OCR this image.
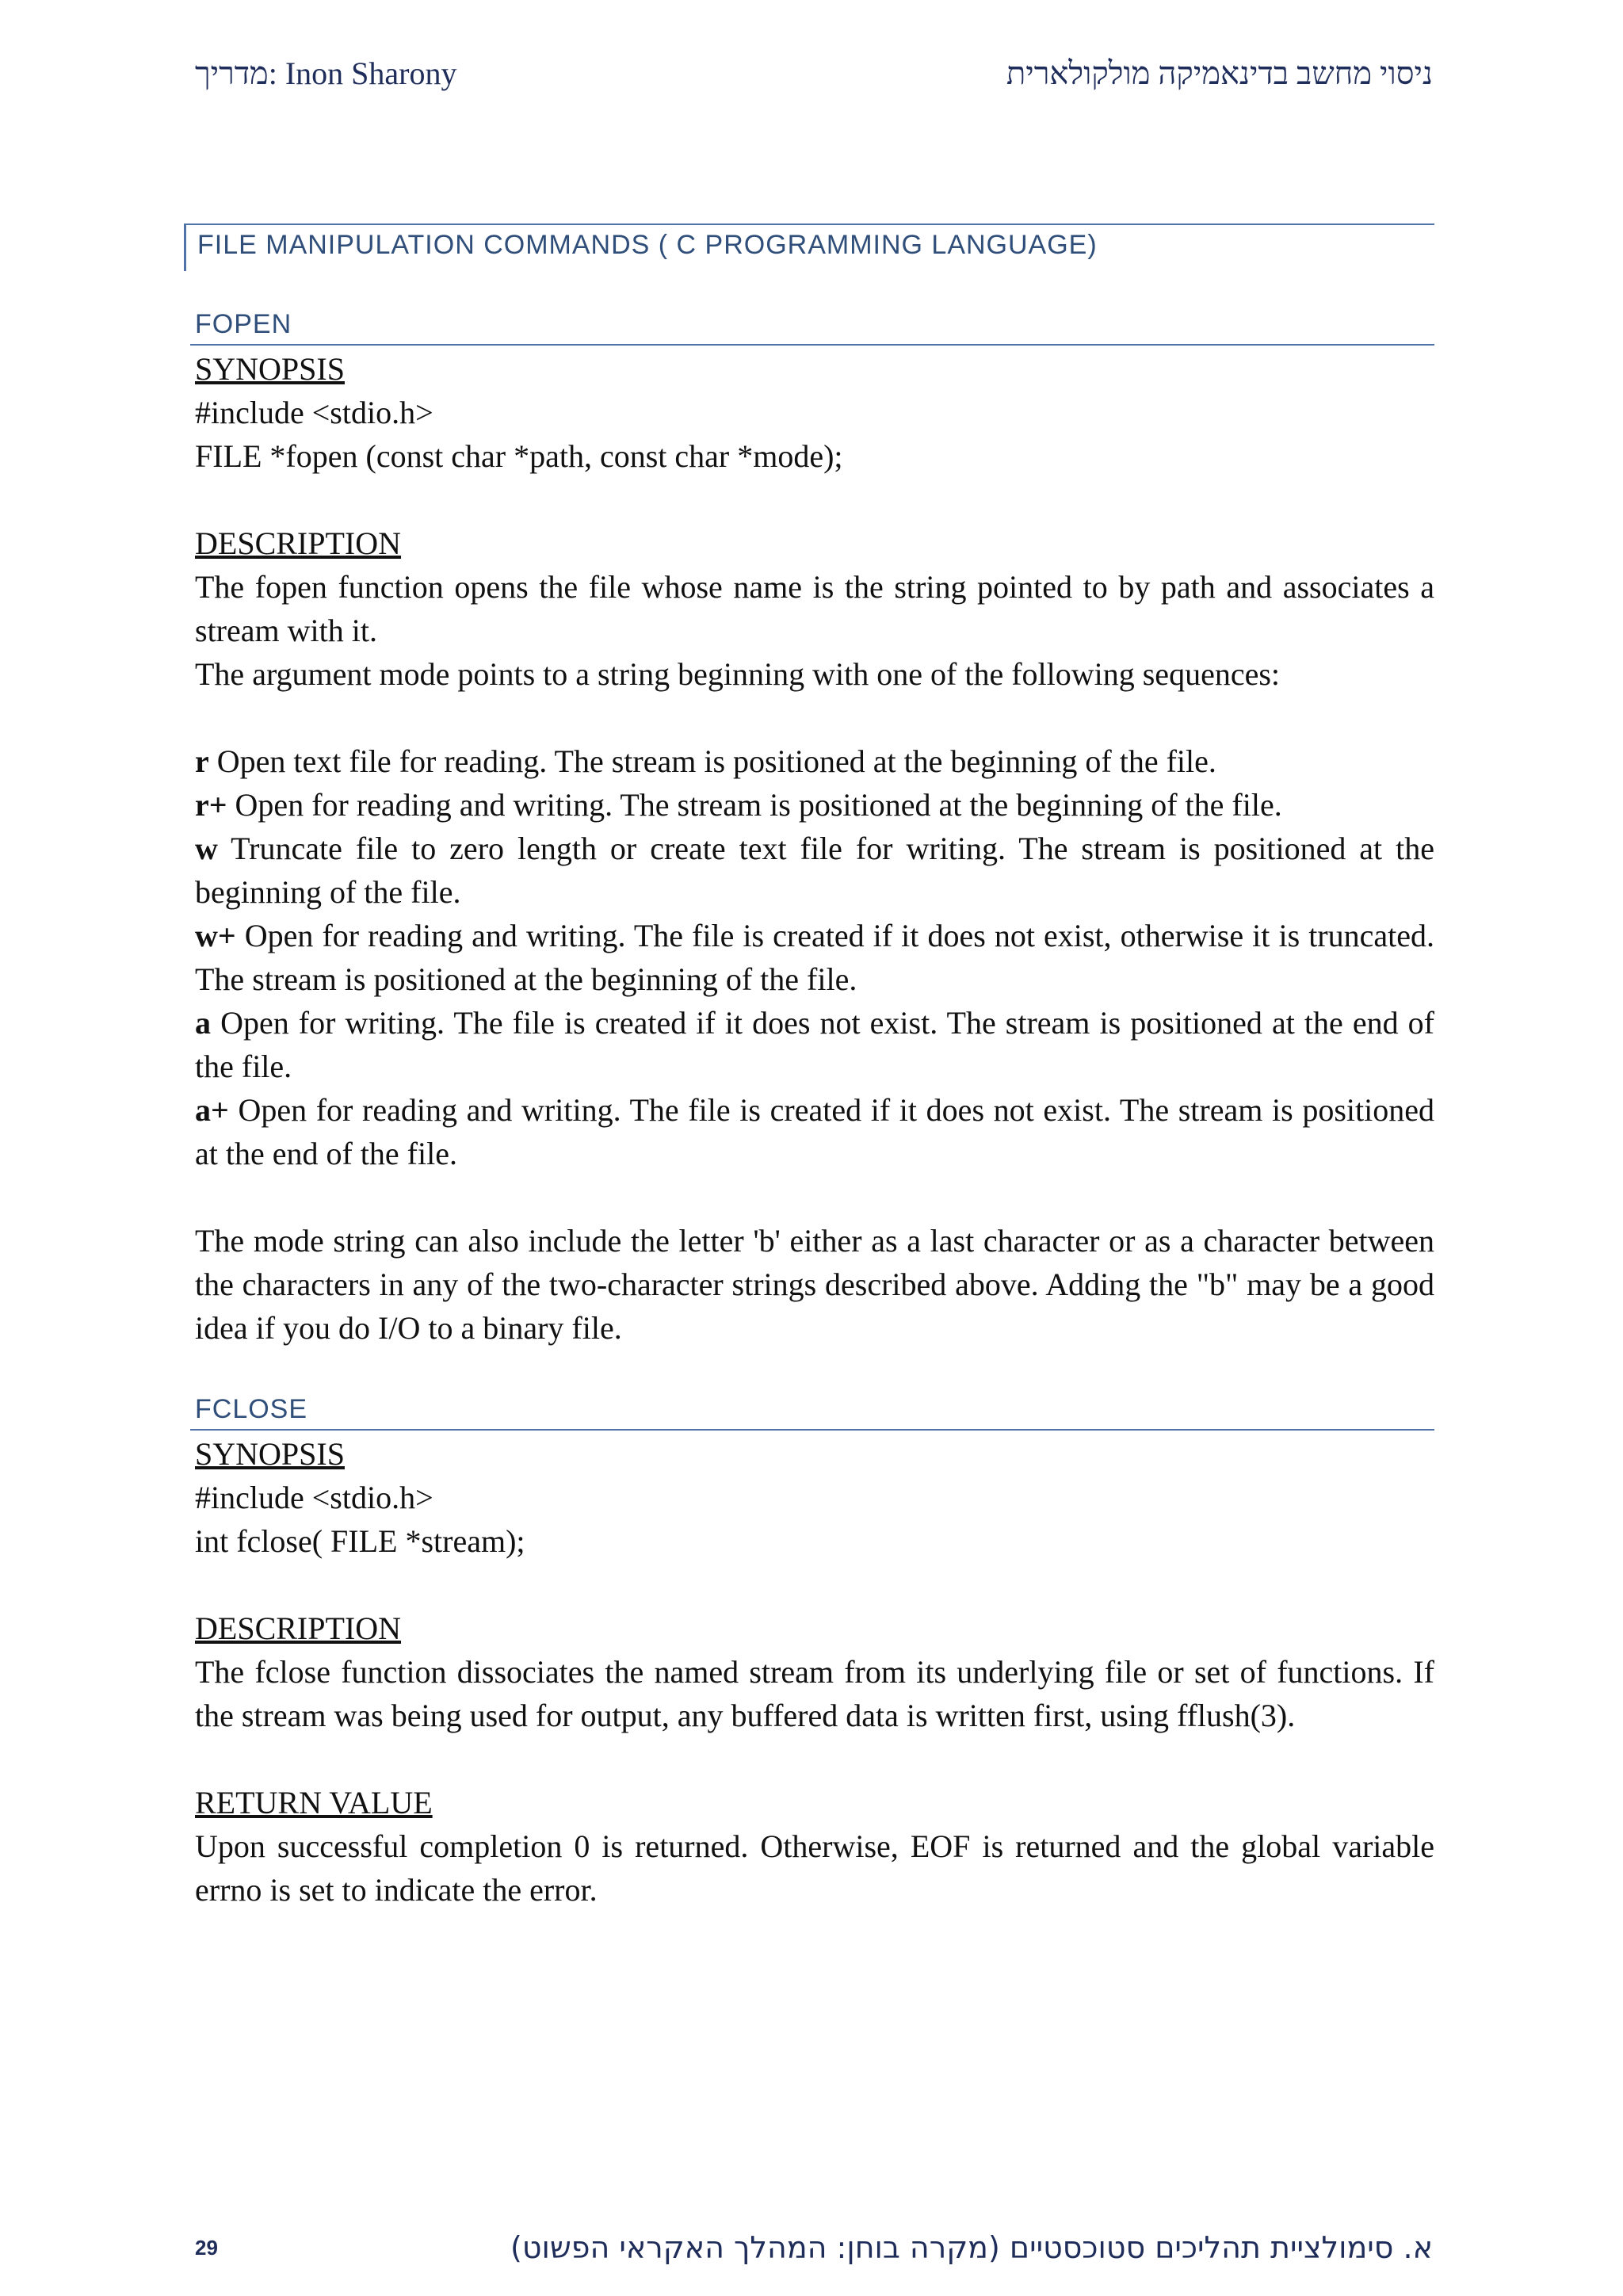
Inon Sharony :מדריך	ניסוי מחשב בדינאמיקה מולקולארית
FILE MANIPULATION COMMANDS ( C PROGRAMMING LANGUAGE)
FOPEN

SYNOPSIS

#include <stdio.h>

FILE *fopen (const char *path, const char *mode);

DESCRIPTION

The fopen function opens the file whose name is the string pointed to by path and associates a stream with it.

The argument mode points to a string beginning with one of the following sequences:

r Open text file for reading. The stream is positioned at the beginning of the file.

r+ Open for reading and writing. The stream is positioned at the beginning of the file.

w Truncate file to zero length or create text file for writing. The stream is positioned at the beginning of the file.

w+ Open for reading and writing. The file is created if it does not exist, otherwise it is truncated. The stream is positioned at the beginning of the file.

a Open for writing. The file is created if it does not exist. The stream is positioned at the end of the file.

a+ Open for reading and writing. The file is created if it does not exist. The stream is positioned at the end of the file.

The mode string can also include the letter 'b' either as a last character or as a character between the characters in any of the two-character strings described above. Adding the "b" may be a good idea if you do I/O to a binary file.

FCLOSE

SYNOPSIS

#include <stdio.h>

int fclose( FILE *stream);

DESCRIPTION

The fclose function dissociates the named stream from its underlying file or set of functions. If the stream was being used for output, any buffered data is written first, using fflush(3).

RETURN VALUE

Upon successful completion 0 is returned. Otherwise, EOF is returned and the global variable errno is set to indicate the error.

29	א. סימולציית תהליכים סטוכסטיים (מקרה בוחן: המהלך האקראי הפשוט)
